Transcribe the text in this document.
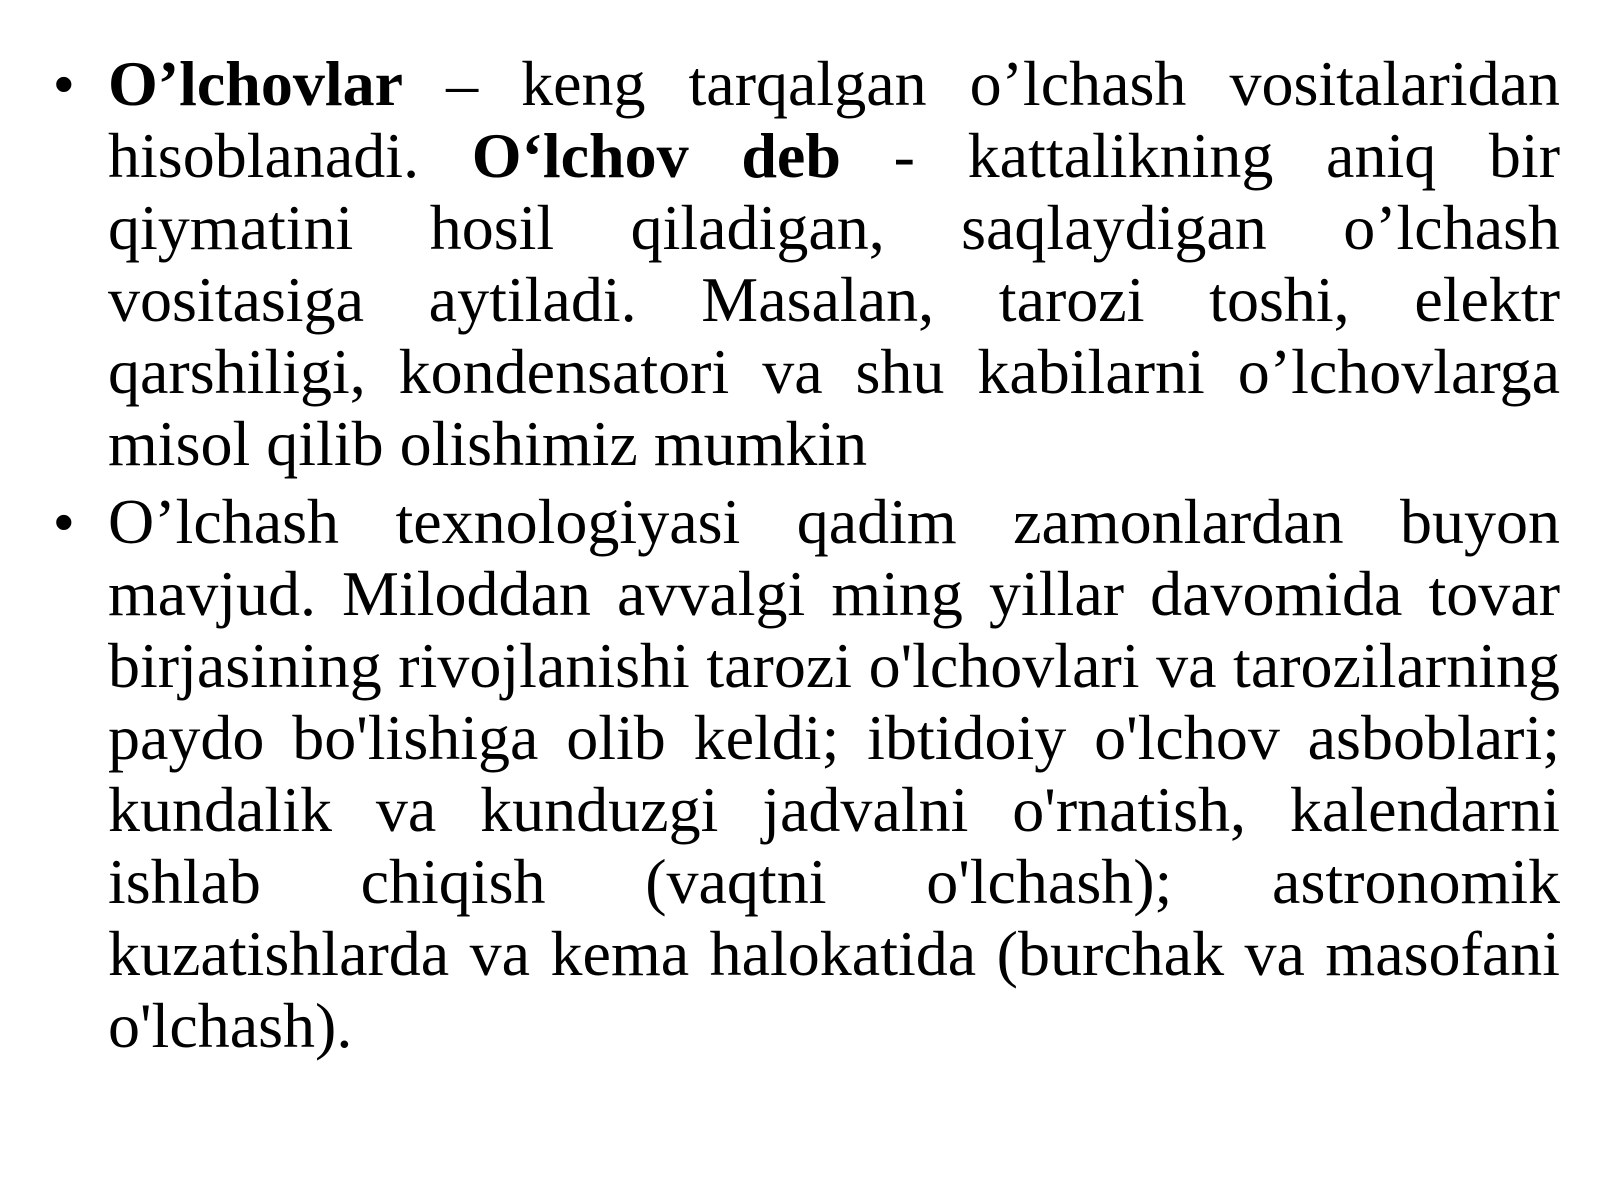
• O’lchovlar – keng tarqalgan o’lchash vositalaridan hisoblanadi. O‘lchov deb - kattalikning aniq bir qiymatini hosil qiladigan, saqlaydigan o’lchash vositasiga aytiladi. Masalan, tarozi toshi, elektr qarshiligi, kondensatori va shu kabilarni o’lchovlarga misol qilib olishimiz mumkin
• O’lchash texnologiyasi qadim zamonlardan buyon mavjud. Miloddan avvalgi ming yillar davomida tovar birjasining rivojlanishi tarozi o'lchovlari va tarozilarning paydo bo'lishiga olib keldi; ibtidoiy o'lchov asboblari; kundalik va kunduzgi jadvalni o'rnatish, kalendarni ishlab chiqish (vaqtni o'lchash); astronomik kuzatishlarda va kema halokatida (burchak va masofani o'lchash).
